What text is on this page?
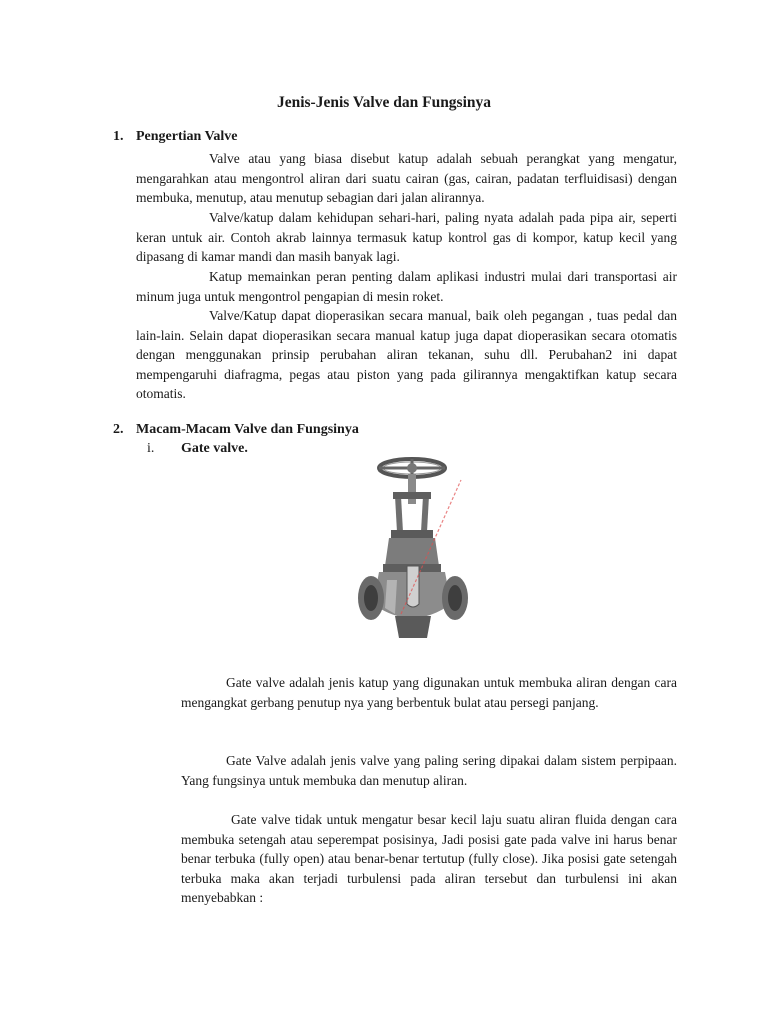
Jenis-Jenis Valve dan Fungsinya
1. Pengertian Valve
Valve atau yang biasa disebut katup adalah sebuah perangkat yang mengatur, mengarahkan atau mengontrol aliran dari suatu cairan (gas, cairan, padatan terfluidisasi) dengan membuka, menutup, atau menutup sebagian dari jalan alirannya.
Valve/katup dalam kehidupan sehari-hari, paling nyata adalah pada pipa air, seperti keran untuk air. Contoh akrab lainnya termasuk katup kontrol gas di kompor, katup kecil yang dipasang di kamar mandi dan masih banyak lagi.
Katup memainkan peran penting dalam aplikasi industri mulai dari transportasi air minum juga untuk mengontrol pengapian di mesin roket.
Valve/Katup dapat dioperasikan secara manual, baik oleh pegangan , tuas pedal dan lain-lain. Selain dapat dioperasikan secara manual katup juga dapat dioperasikan secara otomatis dengan menggunakan prinsip perubahan aliran tekanan, suhu dll. Perubahan2 ini dapat mempengaruhi diafragma, pegas atau piston yang pada gilirannya mengaktifkan katup secara otomatis.
2. Macam-Macam Valve dan Fungsinya
i. Gate valve.
Gate valve adalah jenis katup yang digunakan untuk membuka aliran dengan cara mengangkat gerbang penutup nya yang berbentuk bulat atau persegi panjang.
Gate Valve adalah jenis valve yang paling sering dipakai dalam sistem perpipaan. Yang fungsinya untuk membuka dan menutup aliran.
Gate valve tidak untuk mengatur besar kecil laju suatu aliran fluida dengan cara membuka setengah atau seperempat posisinya, Jadi posisi gate pada valve ini harus benar benar terbuka (fully open) atau benar-benar tertutup (fully close). Jika posisi gate setengah terbuka maka akan terjadi turbulensi pada aliran tersebut dan turbulensi ini akan menyebabkan :
